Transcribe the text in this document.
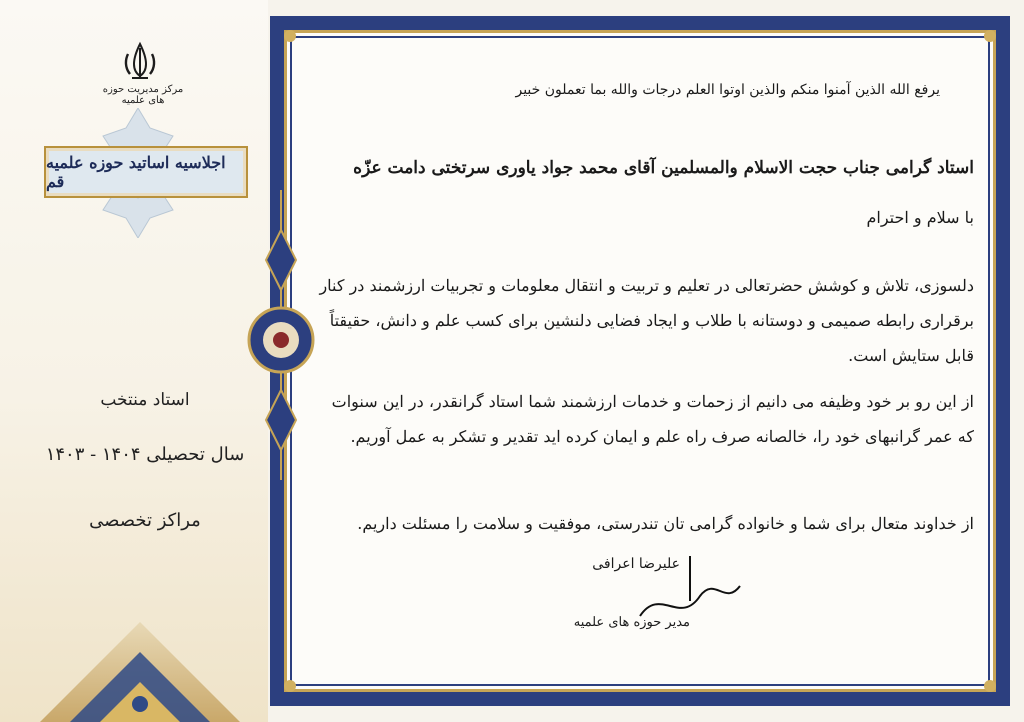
مرکز مدیریت حوزه های علمیه
اجلاسیه اساتید حوزه علمیه قم
استاد منتخب
سال تحصیلی ۱۴۰۴ - ۱۴۰۳
مراکز تخصصی
یرفع الله الذین آمنوا منکم والذین اوتوا العلم درجات والله بما تعملون خبیر
استاد گرامی جناب حجت الاسلام والمسلمین آقای محمد جواد یاوری سرتختی دامت عزّه
با سلام و احترام
دلسوزی، تلاش و کوشش حضرتعالی در تعلیم و تربیت و انتقال معلومات و تجربیات ارزشمند در کنار برقراری رابطه صمیمی و دوستانه با طلاب و ایجاد فضایی دلنشین برای کسب علم و دانش، حقیقتاً قابل ستایش است.
از این رو بر خود وظیفه می دانیم از زحمات و خدمات ارزشمند شما استاد گرانقدر، در این سنوات که عمر گرانبهای خود را، خالصانه صرف راه علم و ایمان کرده اید تقدیر و تشکر به عمل آوریم.
از خداوند متعال برای شما و خانواده گرامی تان تندرستی، موفقیت و سلامت را مسئلت داریم.
علیرضا اعرافی
مدیر حوزه های علمیه
